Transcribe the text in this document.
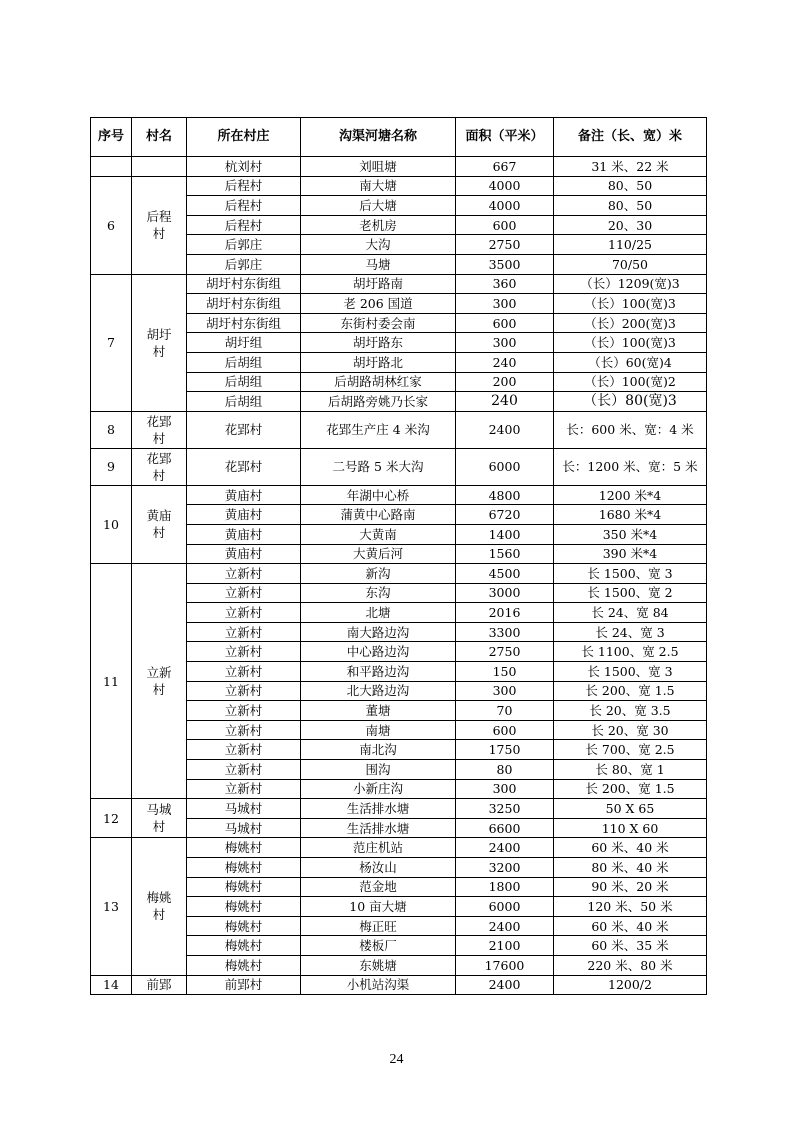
序号	村名	所在村庄	沟渠河塘名称	面积（平米）	备注（长、宽）米
		杭刘村	刘咀塘	667	31 米、22 米
6	后程村	后程村	南大塘	4000	80、50
		后程村	后大塘	4000	80、50
		后程村	老机房	600	20、30
		后郭庄	大沟	2750	110/25
		后郭庄	马塘	3500	70/50
7	胡圩村	胡圩村东街组	胡圩路南	360	（长）1209(宽)3
		胡圩村东街组	老 206 国道	300	（长）100(宽)3
		胡圩村东街组	东街村委会南	600	（长）200(宽)3
		胡圩组	胡圩路东	300	（长）100(宽)3
		后胡组	胡圩路北	240	（长）60(宽)4
		后胡组	后胡路胡林红家	200	（长）100(宽)2
		后胡组	后胡路旁姚乃长家	240	（长）80(宽)3
8	花郢村	花郢村	花郢生产庄 4 米沟	2400	长：600 米、宽：4 米
9	花郢村	花郢村	二号路 5 米大沟	6000	长：1200 米、宽：5 米
10	黄庙村	黄庙村	年湖中心桥	4800	1200 米*4
		黄庙村	蒲黄中心路南	6720	1680 米*4
		黄庙村	大黄南	1400	350 米*4
		黄庙村	大黄后河	1560	390 米*4
11	立新村	立新村	新沟	4500	长 1500、宽 3
		立新村	东沟	3000	长 1500、宽 2
		立新村	北塘	2016	长 24、宽 84
		立新村	南大路边沟	3300	长 24、宽 3
		立新村	中心路边沟	2750	长 1100、宽 2.5
		立新村	和平路边沟	150	长 1500、宽 3
		立新村	北大路边沟	300	长 200、宽 1.5
		立新村	董塘	70	长 20、宽 3.5
		立新村	南塘	600	长 20、宽 30
		立新村	南北沟	1750	长 700、宽 2.5
		立新村	围沟	80	长 80、宽 1
		立新村	小新庄沟	300	长 200、宽 1.5
12	马城村	马城村	生活排水塘	3250	50 X 65
		马城村	生活排水塘	6600	110 X 60
13	梅姚村	梅姚村	范庄机站	2400	60 米、40 米
		梅姚村	杨汝山	3200	80 米、40 米
		梅姚村	范金地	1800	90 米、20 米
		梅姚村	10 亩大塘	6000	120 米、50 米
		梅姚村	梅正旺	2400	60 米、40 米
		梅姚村	楼板厂	2100	60 米、35 米
		梅姚村	东姚塘	17600	220 米、80 米
14	前郢	前郢村	小机站沟渠	2400	1200/2
24
